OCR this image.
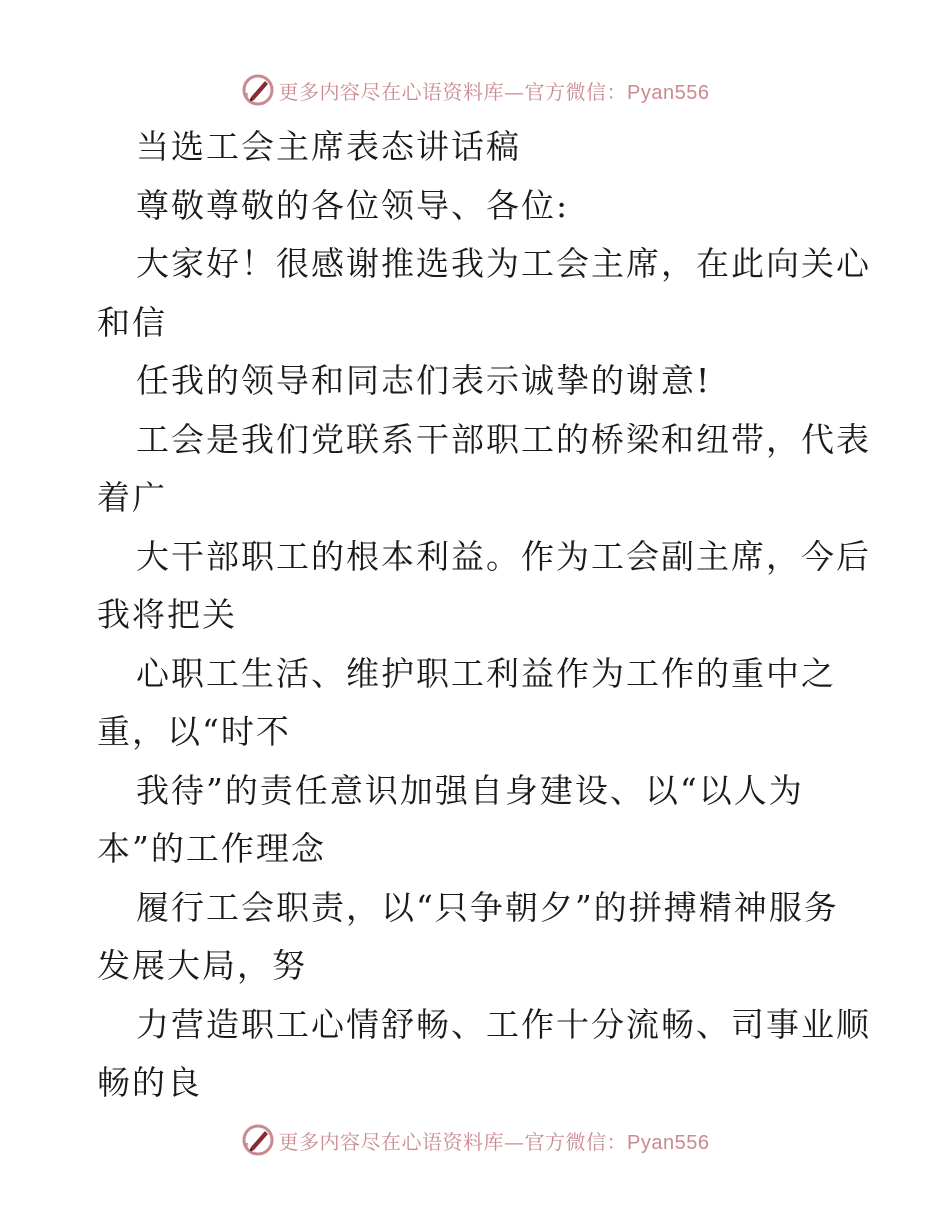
更多内容尽在心语资料库—官方微信：Pyan556
当选工会主席表态讲话稿
尊敬尊敬的各位领导、各位:
大家好！很感谢推选我为工会主席，在此向关心
和信
任我的领导和同志们表示诚挚的谢意!
工会是我们党联系干部职工的桥梁和纽带，代表
着广
大干部职工的根本利益。作为工会副主席，今后
我将把关
心职工生活、维护职工利益作为工作的重中之
重，以“时不
我待”的责任意识加强自身建设、以“以人为
本”的工作理念
履行工会职责，以“只争朝夕”的拼搏精神服务
发展大局，努
力营造职工心情舒畅、工作十分流畅、司事业顺
畅的良
更多内容尽在心语资料库—官方微信：Pyan556
